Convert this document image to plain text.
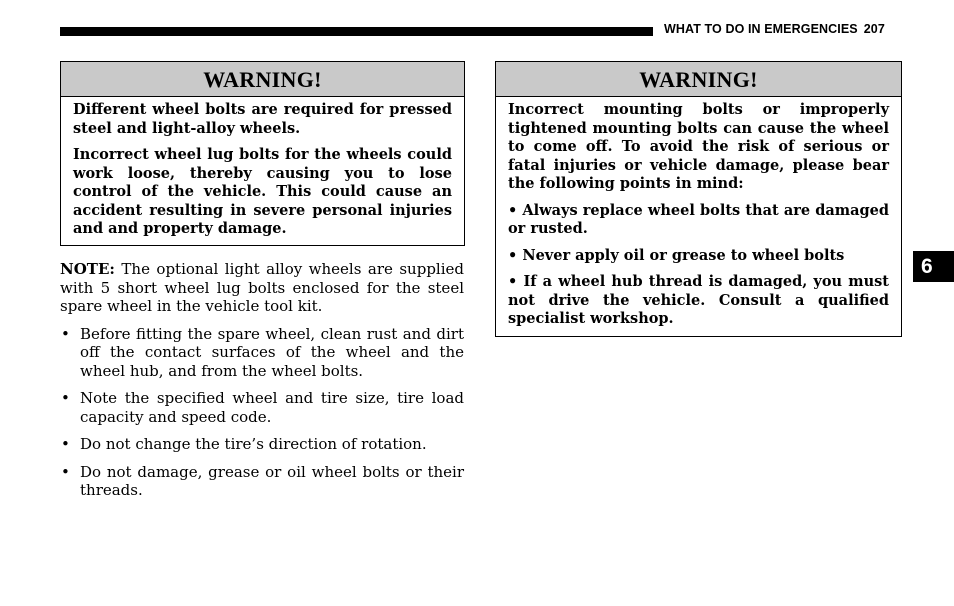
WHAT TO DO IN EMERGENCIES 207
WARNING!

Different wheel bolts are required for pressed steel and light-alloy wheels.

Incorrect wheel lug bolts for the wheels could work loose, thereby causing you to lose control of the vehicle. This could cause an accident resulting in severe personal injuries and and property damage.

NOTE: The optional light alloy wheels are supplied with 5 short wheel lug bolts enclosed for the steel spare wheel in the vehicle tool kit.

• Before fitting the spare wheel, clean rust and dirt off the contact surfaces of the wheel and the wheel hub, and from the wheel bolts.
• Note the specified wheel and tire size, tire load capacity and speed code.
• Do not change the tire’s direction of rotation.
• Do not damage, grease or oil wheel bolts or their threads.
WARNING!

Incorrect mounting bolts or improperly tightened mounting bolts can cause the wheel to come off. To avoid the risk of serious or fatal injuries or vehicle damage, please bear the following points in mind:

• Always replace wheel bolts that are damaged or rusted.

• Never apply oil or grease to wheel bolts

• If a wheel hub thread is damaged, you must not drive the vehicle. Consult a qualified specialist workshop.

6
